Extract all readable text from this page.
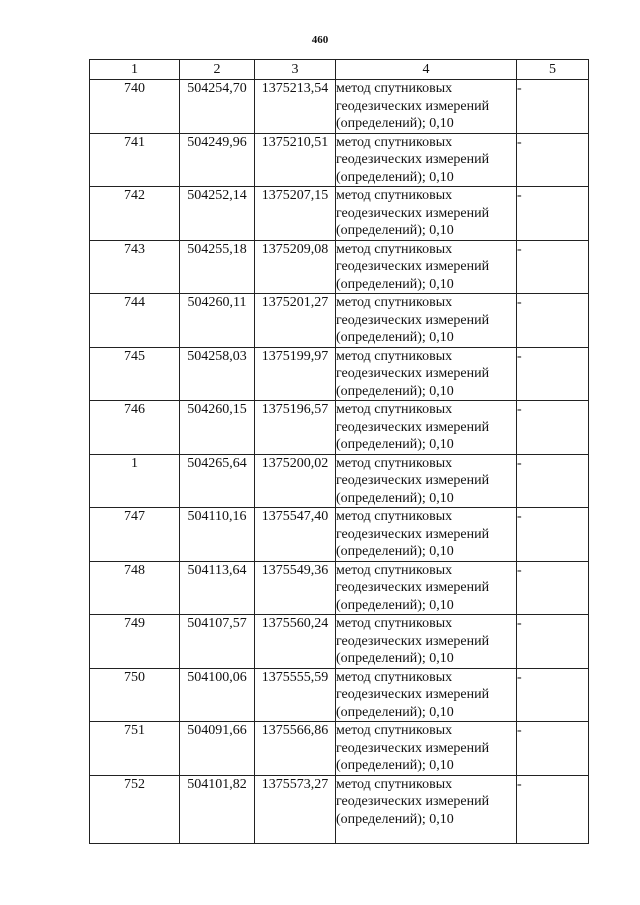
460
1	2	3	4	5
740	504254,70	1375213,54	метод спутниковых геодезических измерений (определений); 0,10	-
741	504249,96	1375210,51	метод спутниковых геодезических измерений (определений); 0,10	-
742	504252,14	1375207,15	метод спутниковых геодезических измерений (определений); 0,10	-
743	504255,18	1375209,08	метод спутниковых геодезических измерений (определений); 0,10	-
744	504260,11	1375201,27	метод спутниковых геодезических измерений (определений); 0,10	-
745	504258,03	1375199,97	метод спутниковых геодезических измерений (определений); 0,10	-
746	504260,15	1375196,57	метод спутниковых геодезических измерений (определений); 0,10	-
1	504265,64	1375200,02	метод спутниковых геодезических измерений (определений); 0,10	-
747	504110,16	1375547,40	метод спутниковых геодезических измерений (определений); 0,10	-
748	504113,64	1375549,36	метод спутниковых геодезических измерений (определений); 0,10	-
749	504107,57	1375560,24	метод спутниковых геодезических измерений (определений); 0,10	-
750	504100,06	1375555,59	метод спутниковых геодезических измерений (определений); 0,10	-
751	504091,66	1375566,86	метод спутниковых геодезических измерений (определений); 0,10	-
752	504101,82	1375573,27	метод спутниковых геодезических измерений (определений); 0,10	-
